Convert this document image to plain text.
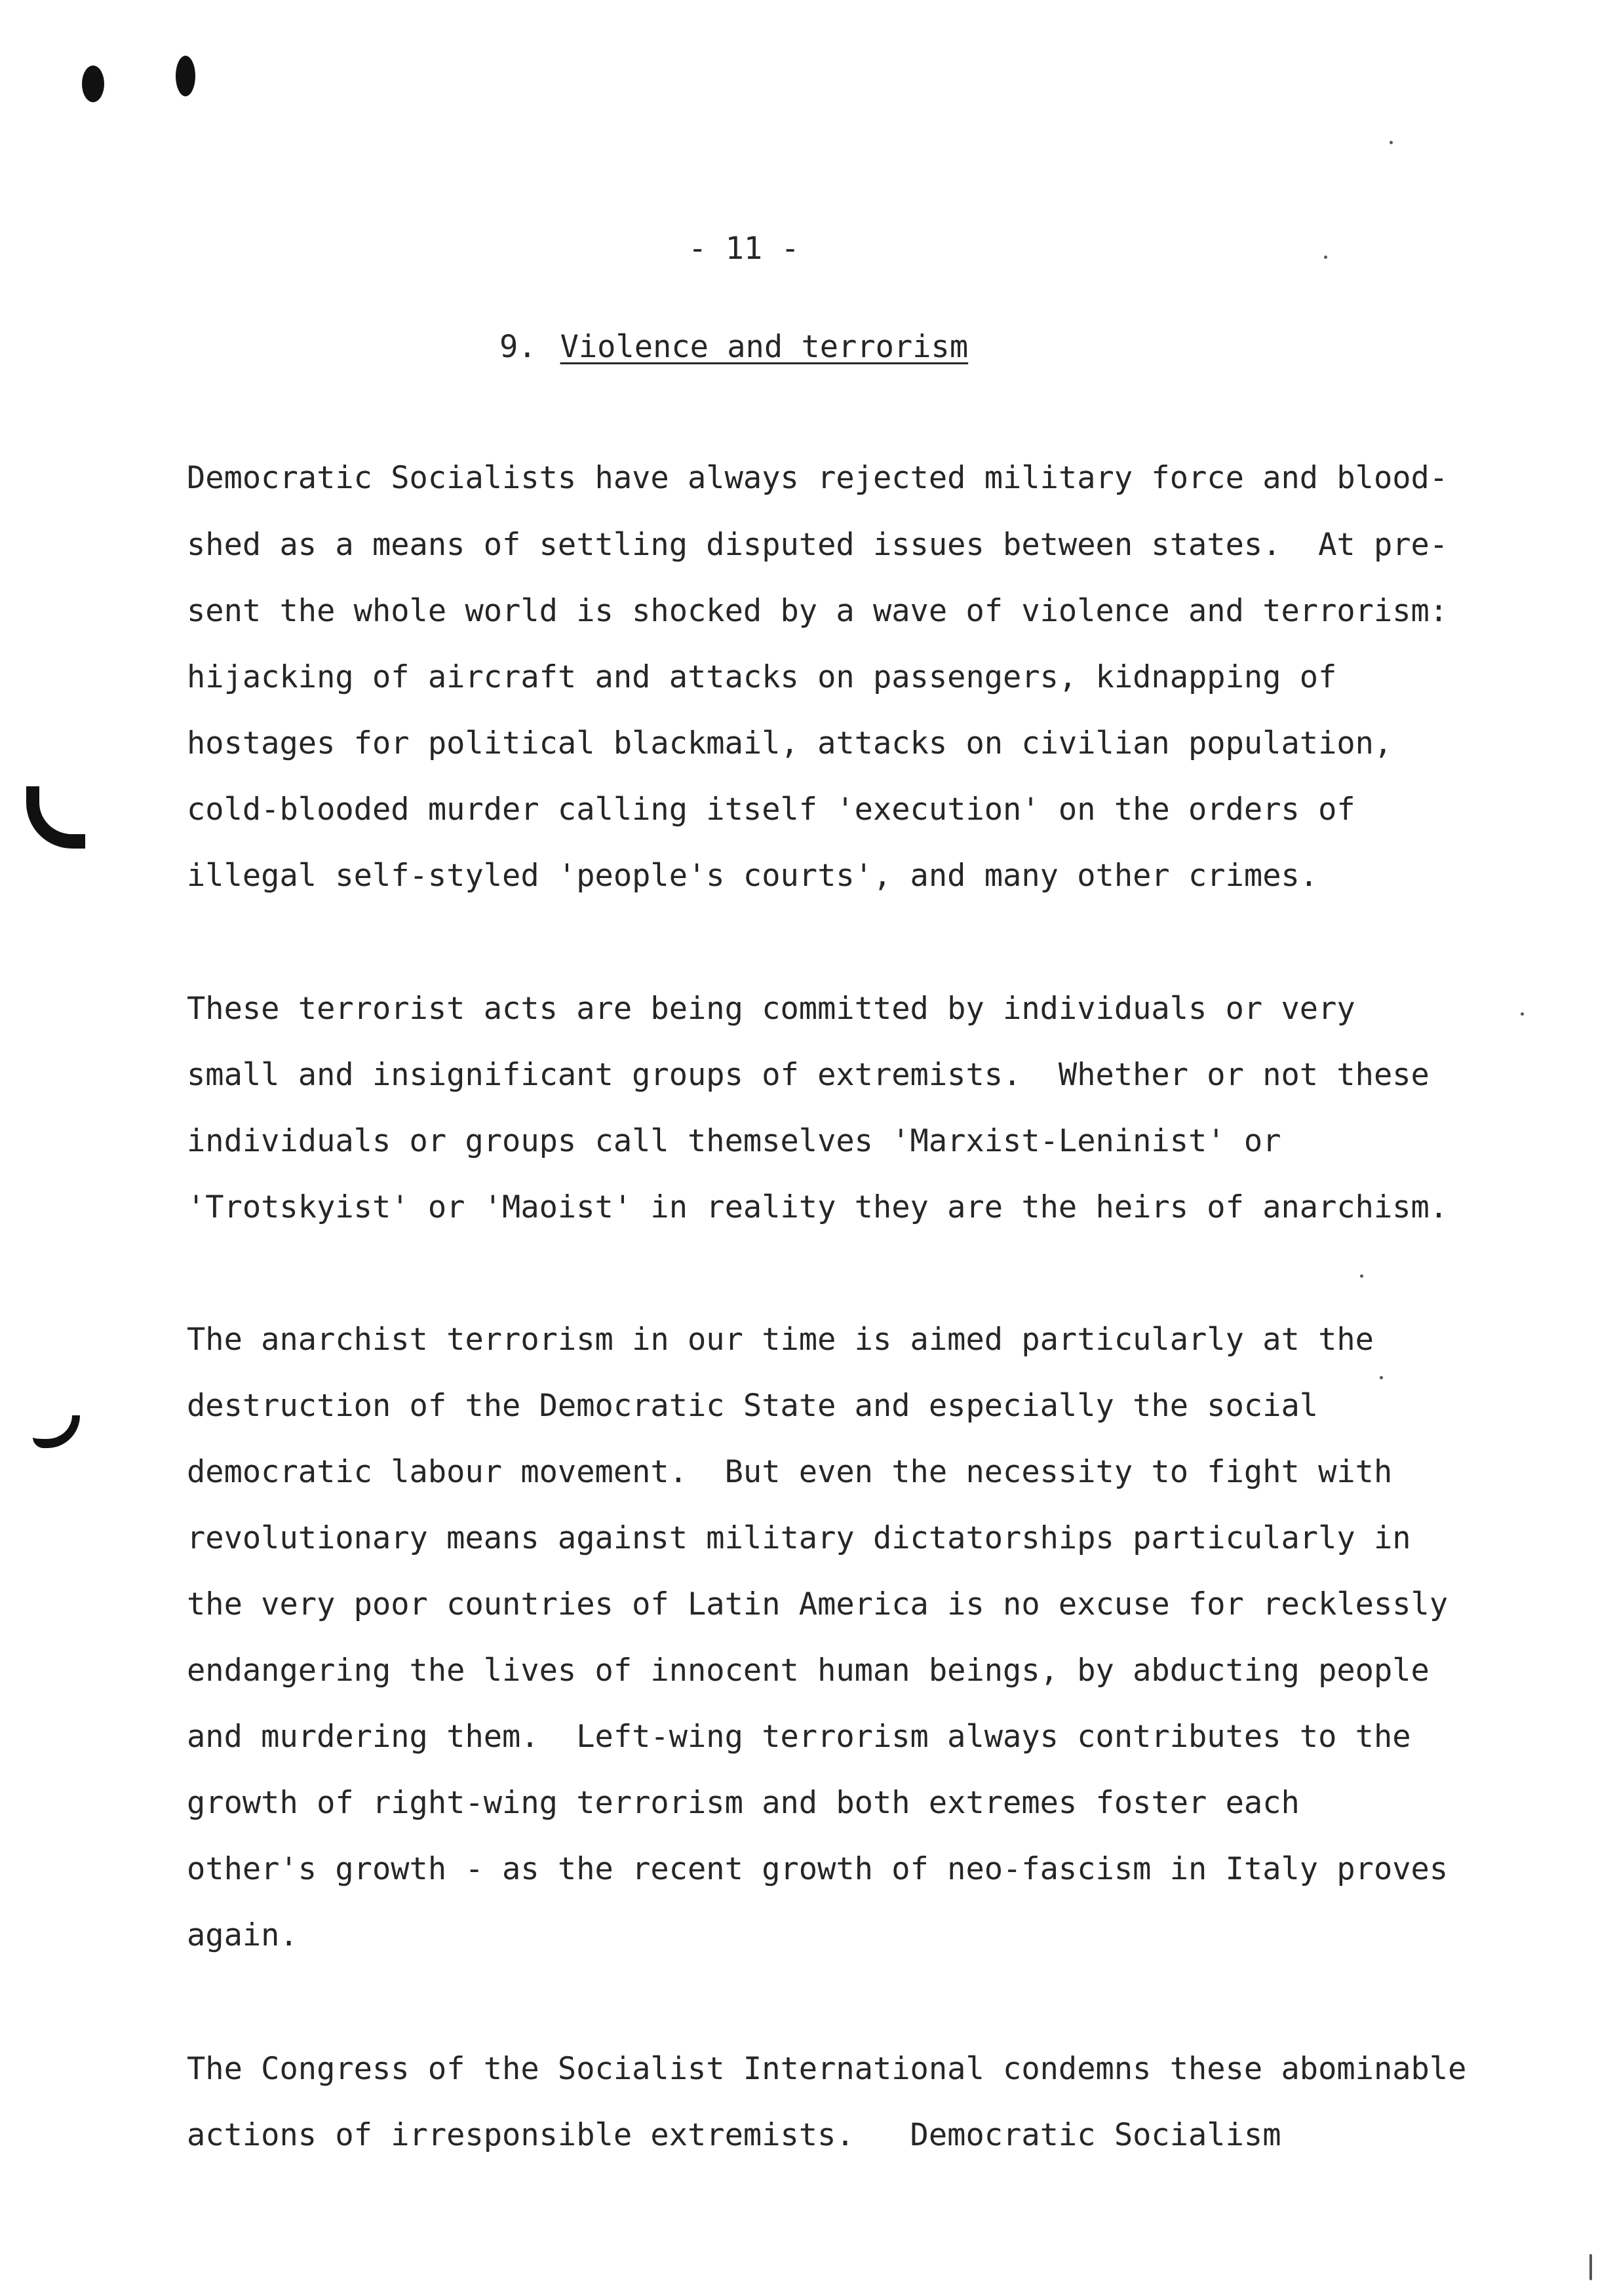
- 11 -
9. Violence and terrorism
Democratic Socialists have always rejected military force and blood-
shed as a means of settling disputed issues between states.  At pre-
sent the whole world is shocked by a wave of violence and terrorism:
hijacking of aircraft and attacks on passengers, kidnapping of
hostages for political blackmail, attacks on civilian population,
cold-blooded murder calling itself 'execution' on the orders of
illegal self-styled 'people's courts', and many other crimes.
These terrorist acts are being committed by individuals or very
small and insignificant groups of extremists.  Whether or not these
individuals or groups call themselves 'Marxist-Leninist' or
'Trotskyist' or 'Maoist' in reality they are the heirs of anarchism.
The anarchist terrorism in our time is aimed particularly at the
destruction of the Democratic State and especially the social
democratic labour movement.  But even the necessity to fight with
revolutionary means against military dictatorships particularly in
the very poor countries of Latin America is no excuse for recklessly
endangering the lives of innocent human beings, by abducting people
and murdering them.  Left-wing terrorism always contributes to the
growth of right-wing terrorism and both extremes foster each
other's growth - as the recent growth of neo-fascism in Italy proves
again.
The Congress of the Socialist International condemns these abominable
actions of irresponsible extremists.   Democratic Socialism
